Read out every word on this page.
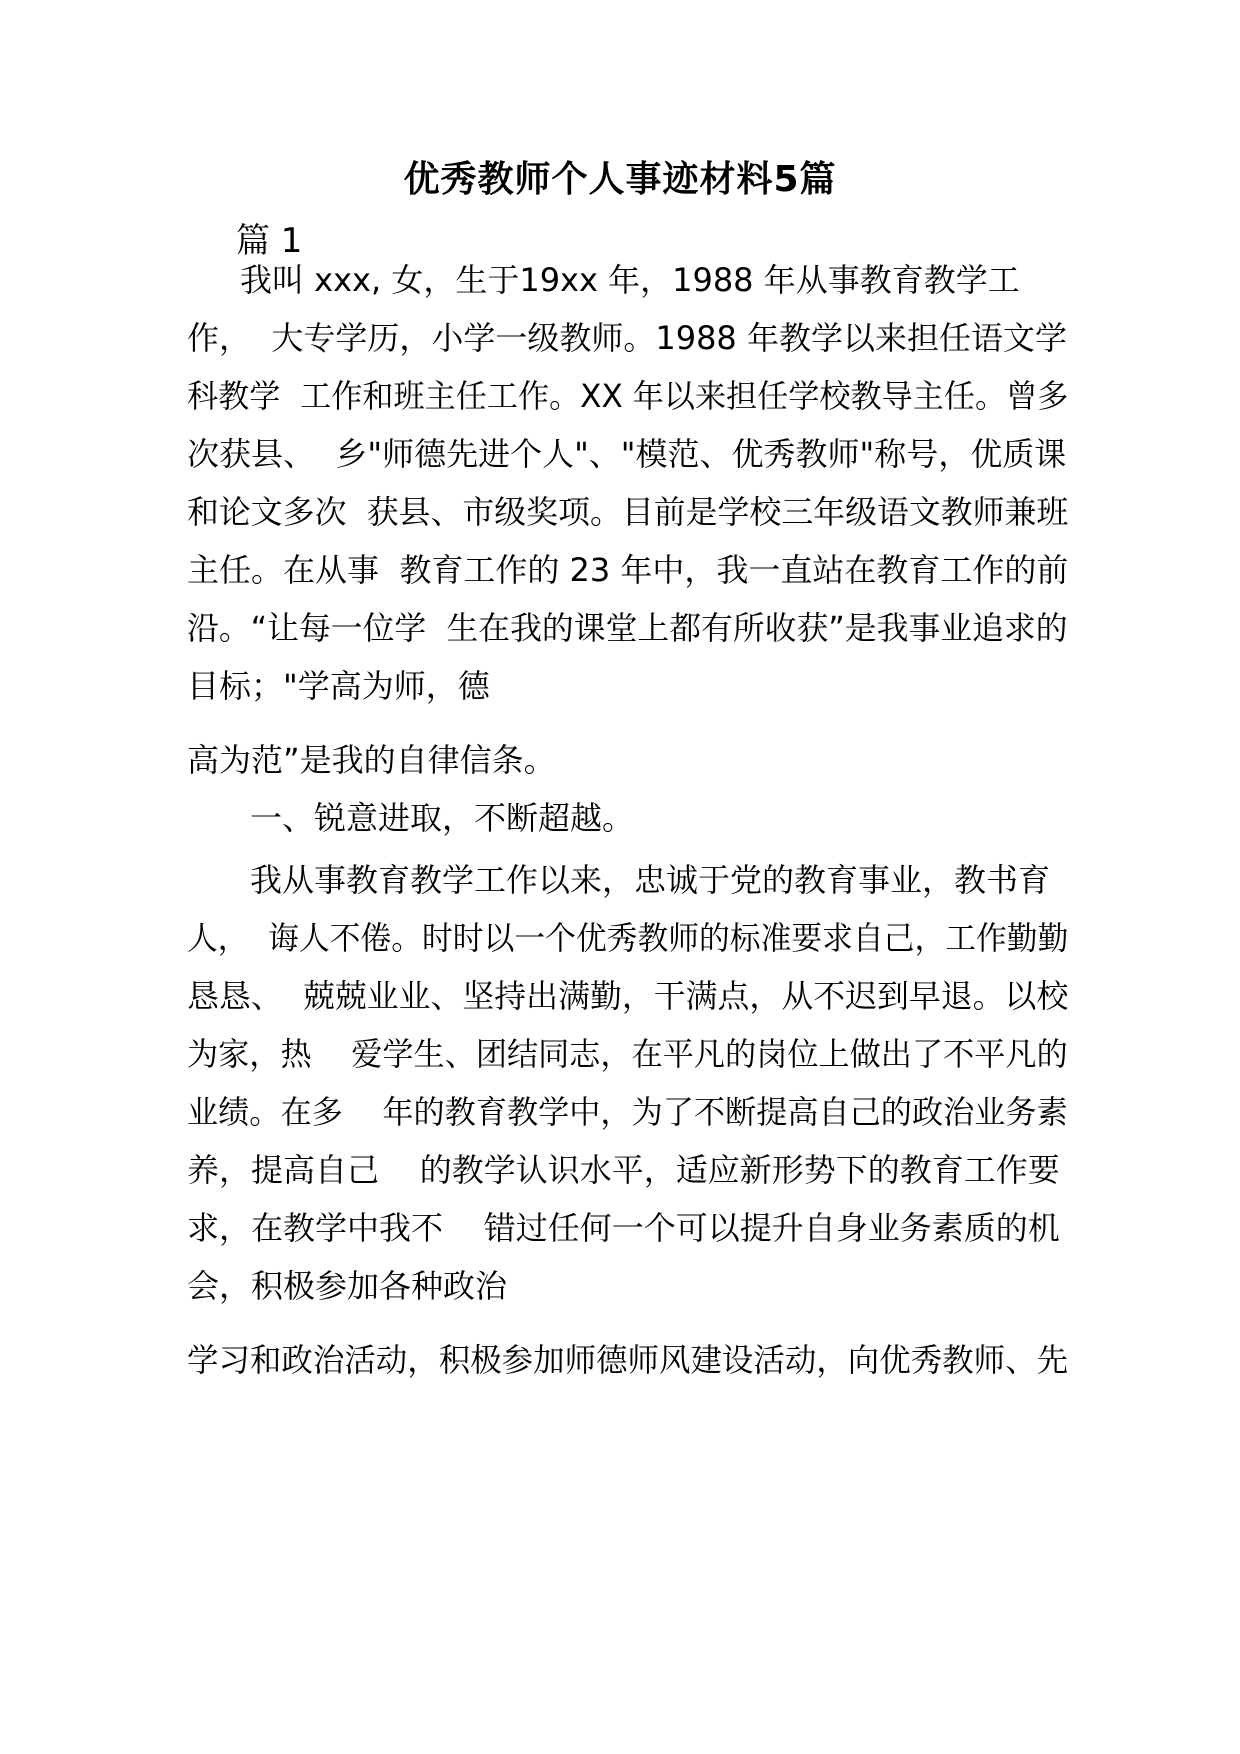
优秀教师个人事迹材料5篇
篇 1
我叫 xxx, 女，生于19xx 年，1988 年从事教育教学工
作，  大专学历，小学一级教师。1988 年教学以来担任语文学
科教学  工作和班主任工作。XX 年以来担任学校教导主任。曾多
次获县、  乡"师德先进个人"、"模范、优秀教师"称号，优质课
和论文多次  获县、市级奖项。目前是学校三年级语文教师兼班
主任。在从事  教育工作的 23 年中，我一直站在教育工作的前
沿。“让每一位学  生在我的课堂上都有所收获”是我事业追求的
目标；"学高为师，德
高为范”是我的自律信条。
一、锐意进取，不断超越。
我从事教育教学工作以来，忠诚于党的教育事业，教书育
人，  诲人不倦。时时以一个优秀教师的标准要求自己，工作勤勤
恳恳、  兢兢业业、坚持出满勤，干满点，从不迟到早退。以校
为家，热    爱学生、团结同志，在平凡的岗位上做出了不平凡的
业绩。在多    年的教育教学中，为了不断提高自己的政治业务素
养，提高自己    的教学认识水平，适应新形势下的教育工作要
求，在教学中我不    错过任何一个可以提升自身业务素质的机
会，积极参加各种政治
学习和政治活动，积极参加师德师风建设活动，向优秀教师、先
